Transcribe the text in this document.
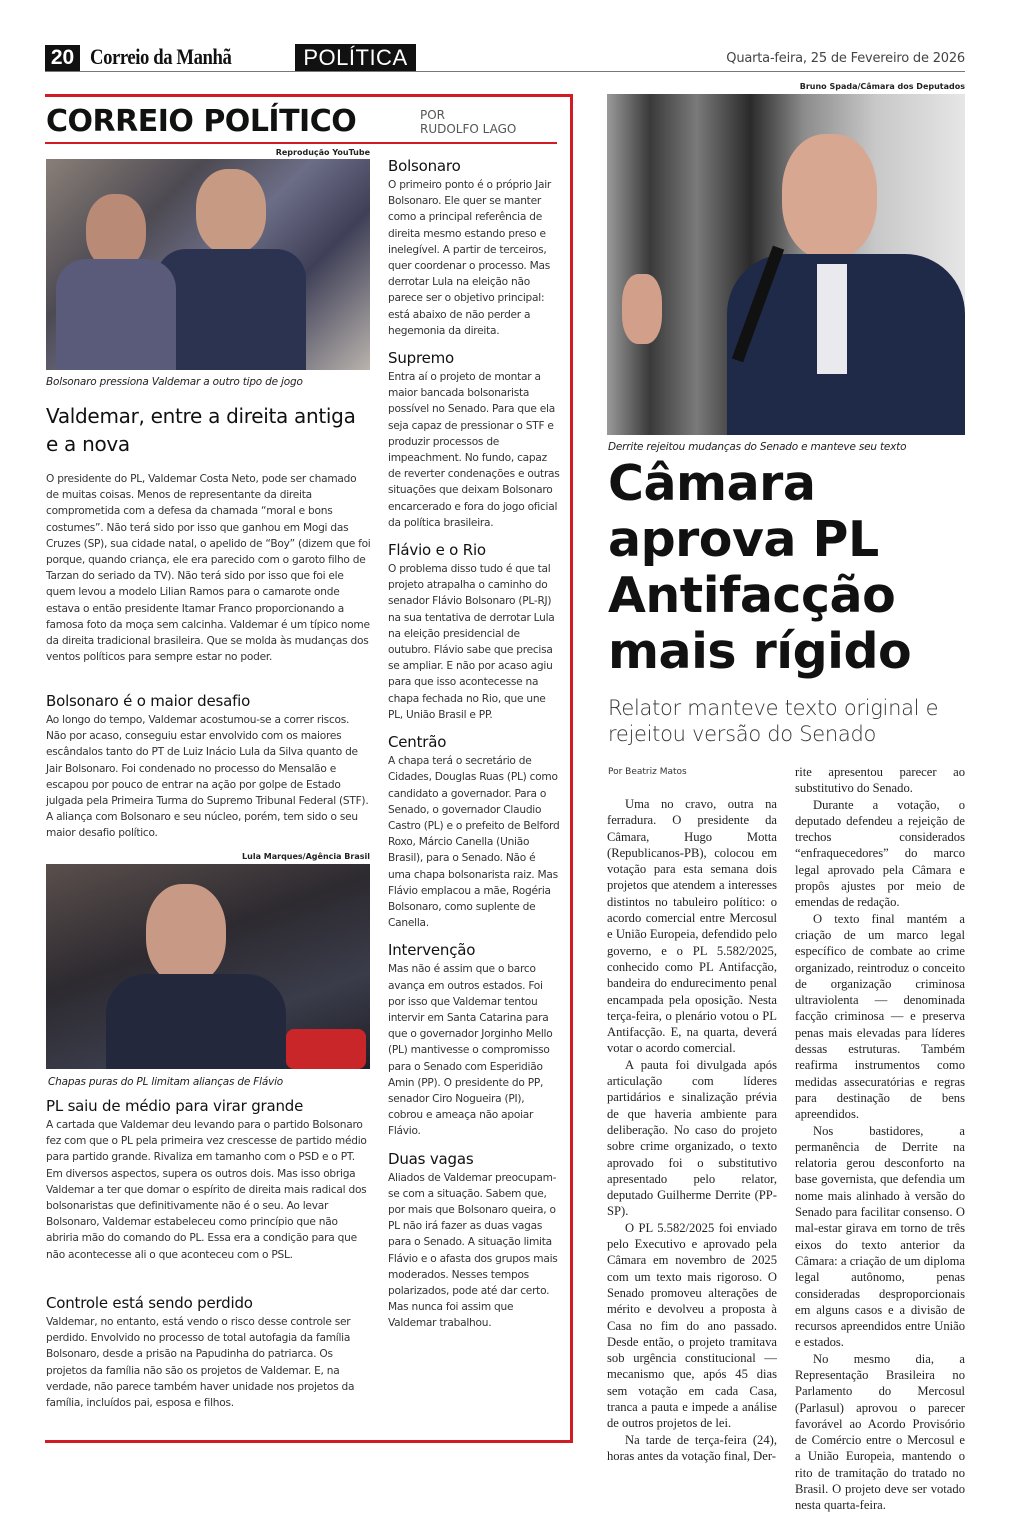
20 Correio da Manhã	POLÍTICA	Quarta-feira, 25 de Fevereiro de 2026
CORREIO POLÍTICO	POR
RUDOLFO LAGO
Reprodução YouTube
Bolsonaro pressiona Valdemar a outro tipo de jogo
Valdemar, entre a direita antiga e a nova
O presidente do PL, Valdemar Costa Neto, pode ser chamado de muitas coisas. Menos de representante da direita comprometida com a defesa da chamada “moral e bons costumes”. Não terá sido por isso que ganhou em Mogi das Cruzes (SP), sua cidade natal, o apelido de “Boy” (dizem que foi porque, quando criança, ele era parecido com o garoto filho de Tarzan do seriado da TV). Não terá sido por isso que foi ele quem levou a modelo Lilian Ramos para o camarote onde estava o então presidente Itamar Franco proporcionando a famosa foto da moça sem calcinha. Valdemar é um típico nome da direita tradicional brasileira. Que se molda às mudanças dos ventos políticos para sempre estar no poder.
Bolsonaro é o maior desafio
Ao longo do tempo, Valdemar acostumou-se a correr riscos. Não por acaso, conseguiu estar envolvido com os maiores escândalos tanto do PT de Luiz Inácio Lula da Silva quanto de Jair Bolsonaro. Foi condenado no processo do Mensalão e escapou por pouco de entrar na ação por golpe de Estado julgada pela Primeira Turma do Supremo Tribunal Federal (STF). A aliança com Bolsonaro e seu núcleo, porém, tem sido o seu maior desafio político.
Lula Marques/Agência Brasil
Chapas puras do PL limitam alianças de Flávio
PL saiu de médio para virar grande
A cartada que Valdemar deu levando para o partido Bolsonaro fez com que o PL pela primeira vez crescesse de partido médio para partido grande. Rivaliza em tamanho com o PSD e o PT. Em diversos aspectos, supera os outros dois. Mas isso obriga Valdemar a ter que domar o espírito de direita mais radical dos bolsonaristas que definitivamente não é o seu. Ao levar Bolsonaro, Valdemar estabeleceu como princípio que não abriria mão do comando do PL. Essa era a condição para que não acontecesse ali o que aconteceu com o PSL.
Controle está sendo perdido
Valdemar, no entanto, está vendo o risco desse controle ser perdido. Envolvido no processo de total autofagia da família Bolsonaro, desde a prisão na Papudinha do patriarca. Os projetos da família não são os projetos de Valdemar. E, na verdade, não parece também haver unidade nos projetos da família, incluídos pai, esposa e filhos.
Bolsonaro
O primeiro ponto é o próprio Jair Bolsonaro. Ele quer se manter como a principal referência de direita mesmo estando preso e inelegível. A partir de terceiros, quer coordenar o processo. Mas derrotar Lula na eleição não parece ser o objetivo principal: está abaixo de não perder a hegemonia da direita.
Supremo
Entra aí o projeto de montar a maior bancada bolsonarista possível no Senado. Para que ela seja capaz de pressionar o STF e produzir processos de impeachment. No fundo, capaz de reverter condenações e outras situações que deixam Bolsonaro encarcerado e fora do jogo oficial da política brasileira.
Flávio e o Rio
O problema disso tudo é que tal projeto atrapalha o caminho do senador Flávio Bolsonaro (PL-RJ) na sua tentativa de derrotar Lula na eleição presidencial de outubro. Flávio sabe que precisa se ampliar. E não por acaso agiu para que isso acontecesse na chapa fechada no Rio, que une PL, União Brasil e PP.
Centrão
A chapa terá o secretário de Cidades, Douglas Ruas (PL) como candidato a governador. Para o Senado, o governador Claudio Castro (PL) e o prefeito de Belford Roxo, Márcio Canella (União Brasil), para o Senado. Não é uma chapa bolsonarista raiz. Mas Flávio emplacou a mãe, Rogéria Bolsonaro, como suplente de Canella.
Intervenção
Mas não é assim que o barco avança em outros estados. Foi por isso que Valdemar tentou intervir em Santa Catarina para que o governador Jorginho Mello (PL) mantivesse o compromisso para o Senado com Esperidião Amin (PP). O presidente do PP, senador Ciro Nogueira (PI), cobrou e ameaça não apoiar Flávio.
Duas vagas
Aliados de Valdemar preocupam-se com a situação. Sabem que, por mais que Bolsonaro queira, o PL não irá fazer as duas vagas para o Senado. A situação limita Flávio e o afasta dos grupos mais moderados. Nesses tempos polarizados, pode até dar certo. Mas nunca foi assim que Valdemar trabalhou.
Bruno Spada/Câmara dos Deputados
Derrite rejeitou mudanças do Senado e manteve seu texto
Câmara aprova PL Antifacção mais rígido
Relator manteve texto original e rejeitou versão do Senado
Por Beatriz Matos

Uma no cravo, outra na ferradura. O presidente da Câmara, Hugo Motta (Republicanos-PB), colocou em votação para esta semana dois projetos que atendem a interesses distintos no tabuleiro político: o acordo comercial entre Mercosul e União Europeia, defendido pelo governo, e o PL 5.582/2025, conhecido como PL Antifacção, bandeira do endurecimento penal encampada pela oposição. Nesta terça-feira, o plenário votou o PL Antifacção. E, na quarta, deverá votar o acordo comercial.

A pauta foi divulgada após articulação com líderes partidários e sinalização prévia de que haveria ambiente para deliberação. No caso do projeto sobre crime organizado, o texto aprovado foi o substitutivo apresentado pelo relator, deputado Guilherme Derrite (PP-SP).

O PL 5.582/2025 foi enviado pelo Executivo e aprovado pela Câmara em novembro de 2025 com um texto mais rigoroso. O Senado promoveu alterações de mérito e devolveu a proposta à Casa no fim do ano passado. Desde então, o projeto tramitava sob urgência constitucional — mecanismo que, após 45 dias sem votação em cada Casa, tranca a pauta e impede a análise de outros projetos de lei.

Na tarde de terça-feira (24), horas antes da votação final, Der-

rite apresentou parecer ao substitutivo do Senado.

Durante a votação, o deputado defendeu a rejeição de trechos considerados “enfraquecedores” do marco legal aprovado pela Câmara e propôs ajustes por meio de emendas de redação.

O texto final mantém a criação de um marco legal específico de combate ao crime organizado, reintroduz o conceito de organização criminosa ultraviolenta — denominada facção criminosa — e preserva penas mais elevadas para líderes dessas estruturas. Também reafirma instrumentos como medidas assecuratórias e regras para destinação de bens apreendidos.

Nos bastidores, a permanência de Derrite na relatoria gerou desconforto na base governista, que defendia um nome mais alinhado à versão do Senado para facilitar consenso. O mal-estar girava em torno de três eixos do texto anterior da Câmara: a criação de um diploma legal autônomo, penas consideradas desproporcionais em alguns casos e a divisão de recursos apreendidos entre União e estados.

No mesmo dia, a Representação Brasileira no Parlamento do Mercosul (Parlasul) aprovou o parecer favorável ao Acordo Provisório de Comércio entre o Mercosul e a União Europeia, mantendo o rito de tramitação do tratado no Brasil. O projeto deve ser votado nesta quarta-feira.
